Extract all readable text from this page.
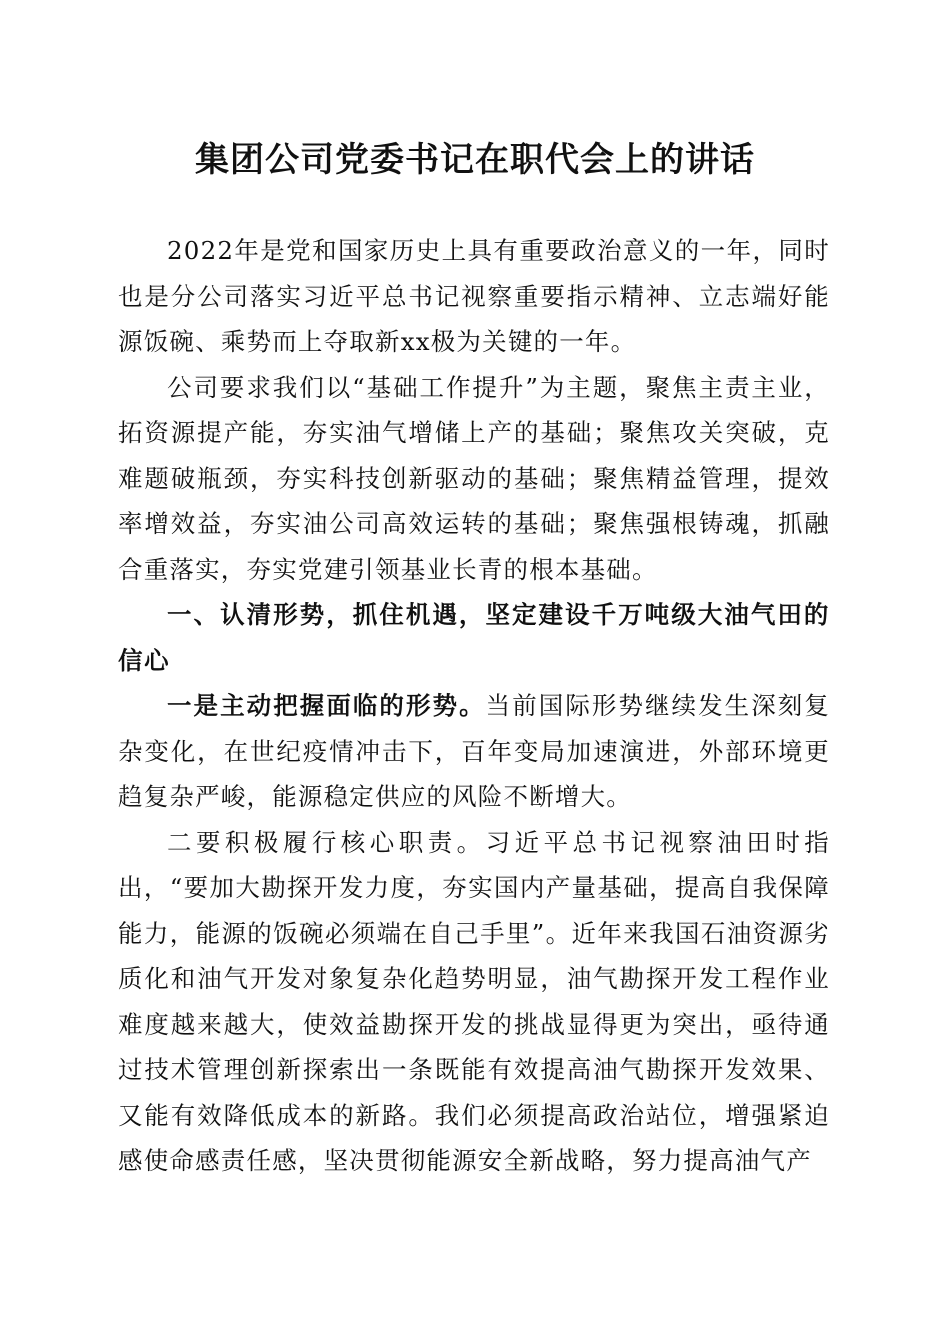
集团公司党委书记在职代会上的讲话

2022年是党和国家历史上具有重要政治意义的一年，同时也是分公司落实习近平总书记视察重要指示精神、立志端好能源饭碗、乘势而上夺取新xx极为关键的一年。

公司要求我们以“基础工作提升”为主题，聚焦主责主业，拓资源提产能，夯实油气增储上产的基础；聚焦攻关突破，克难题破瓶颈，夯实科技创新驱动的基础；聚焦精益管理，提效率增效益，夯实油公司高效运转的基础；聚焦强根铸魂，抓融合重落实，夯实党建引领基业长青的根本基础。

一、认清形势，抓住机遇，坚定建设千万吨级大油气田的信心

一是主动把握面临的形势。当前国际形势继续发生深刻复杂变化，在世纪疫情冲击下，百年变局加速演进，外部环境更趋复杂严峻，能源稳定供应的风险不断增大。

二要积极履行核心职责。习近平总书记视察油田时指出，“要加大勘探开发力度，夯实国内产量基础，提高自我保障能力，能源的饭碗必须端在自己手里”。近年来我国石油资源劣质化和油气开发对象复杂化趋势明显，油气勘探开发工程作业难度越来越大，使效益勘探开发的挑战显得更为突出，亟待通过技术管理创新探索出一条既能有效提高油气勘探开发效果、又能有效降低成本的新路。我们必须提高政治站位，增强紧迫感使命感责任感，坚决贯彻能源安全新战略，努力提高油气产
